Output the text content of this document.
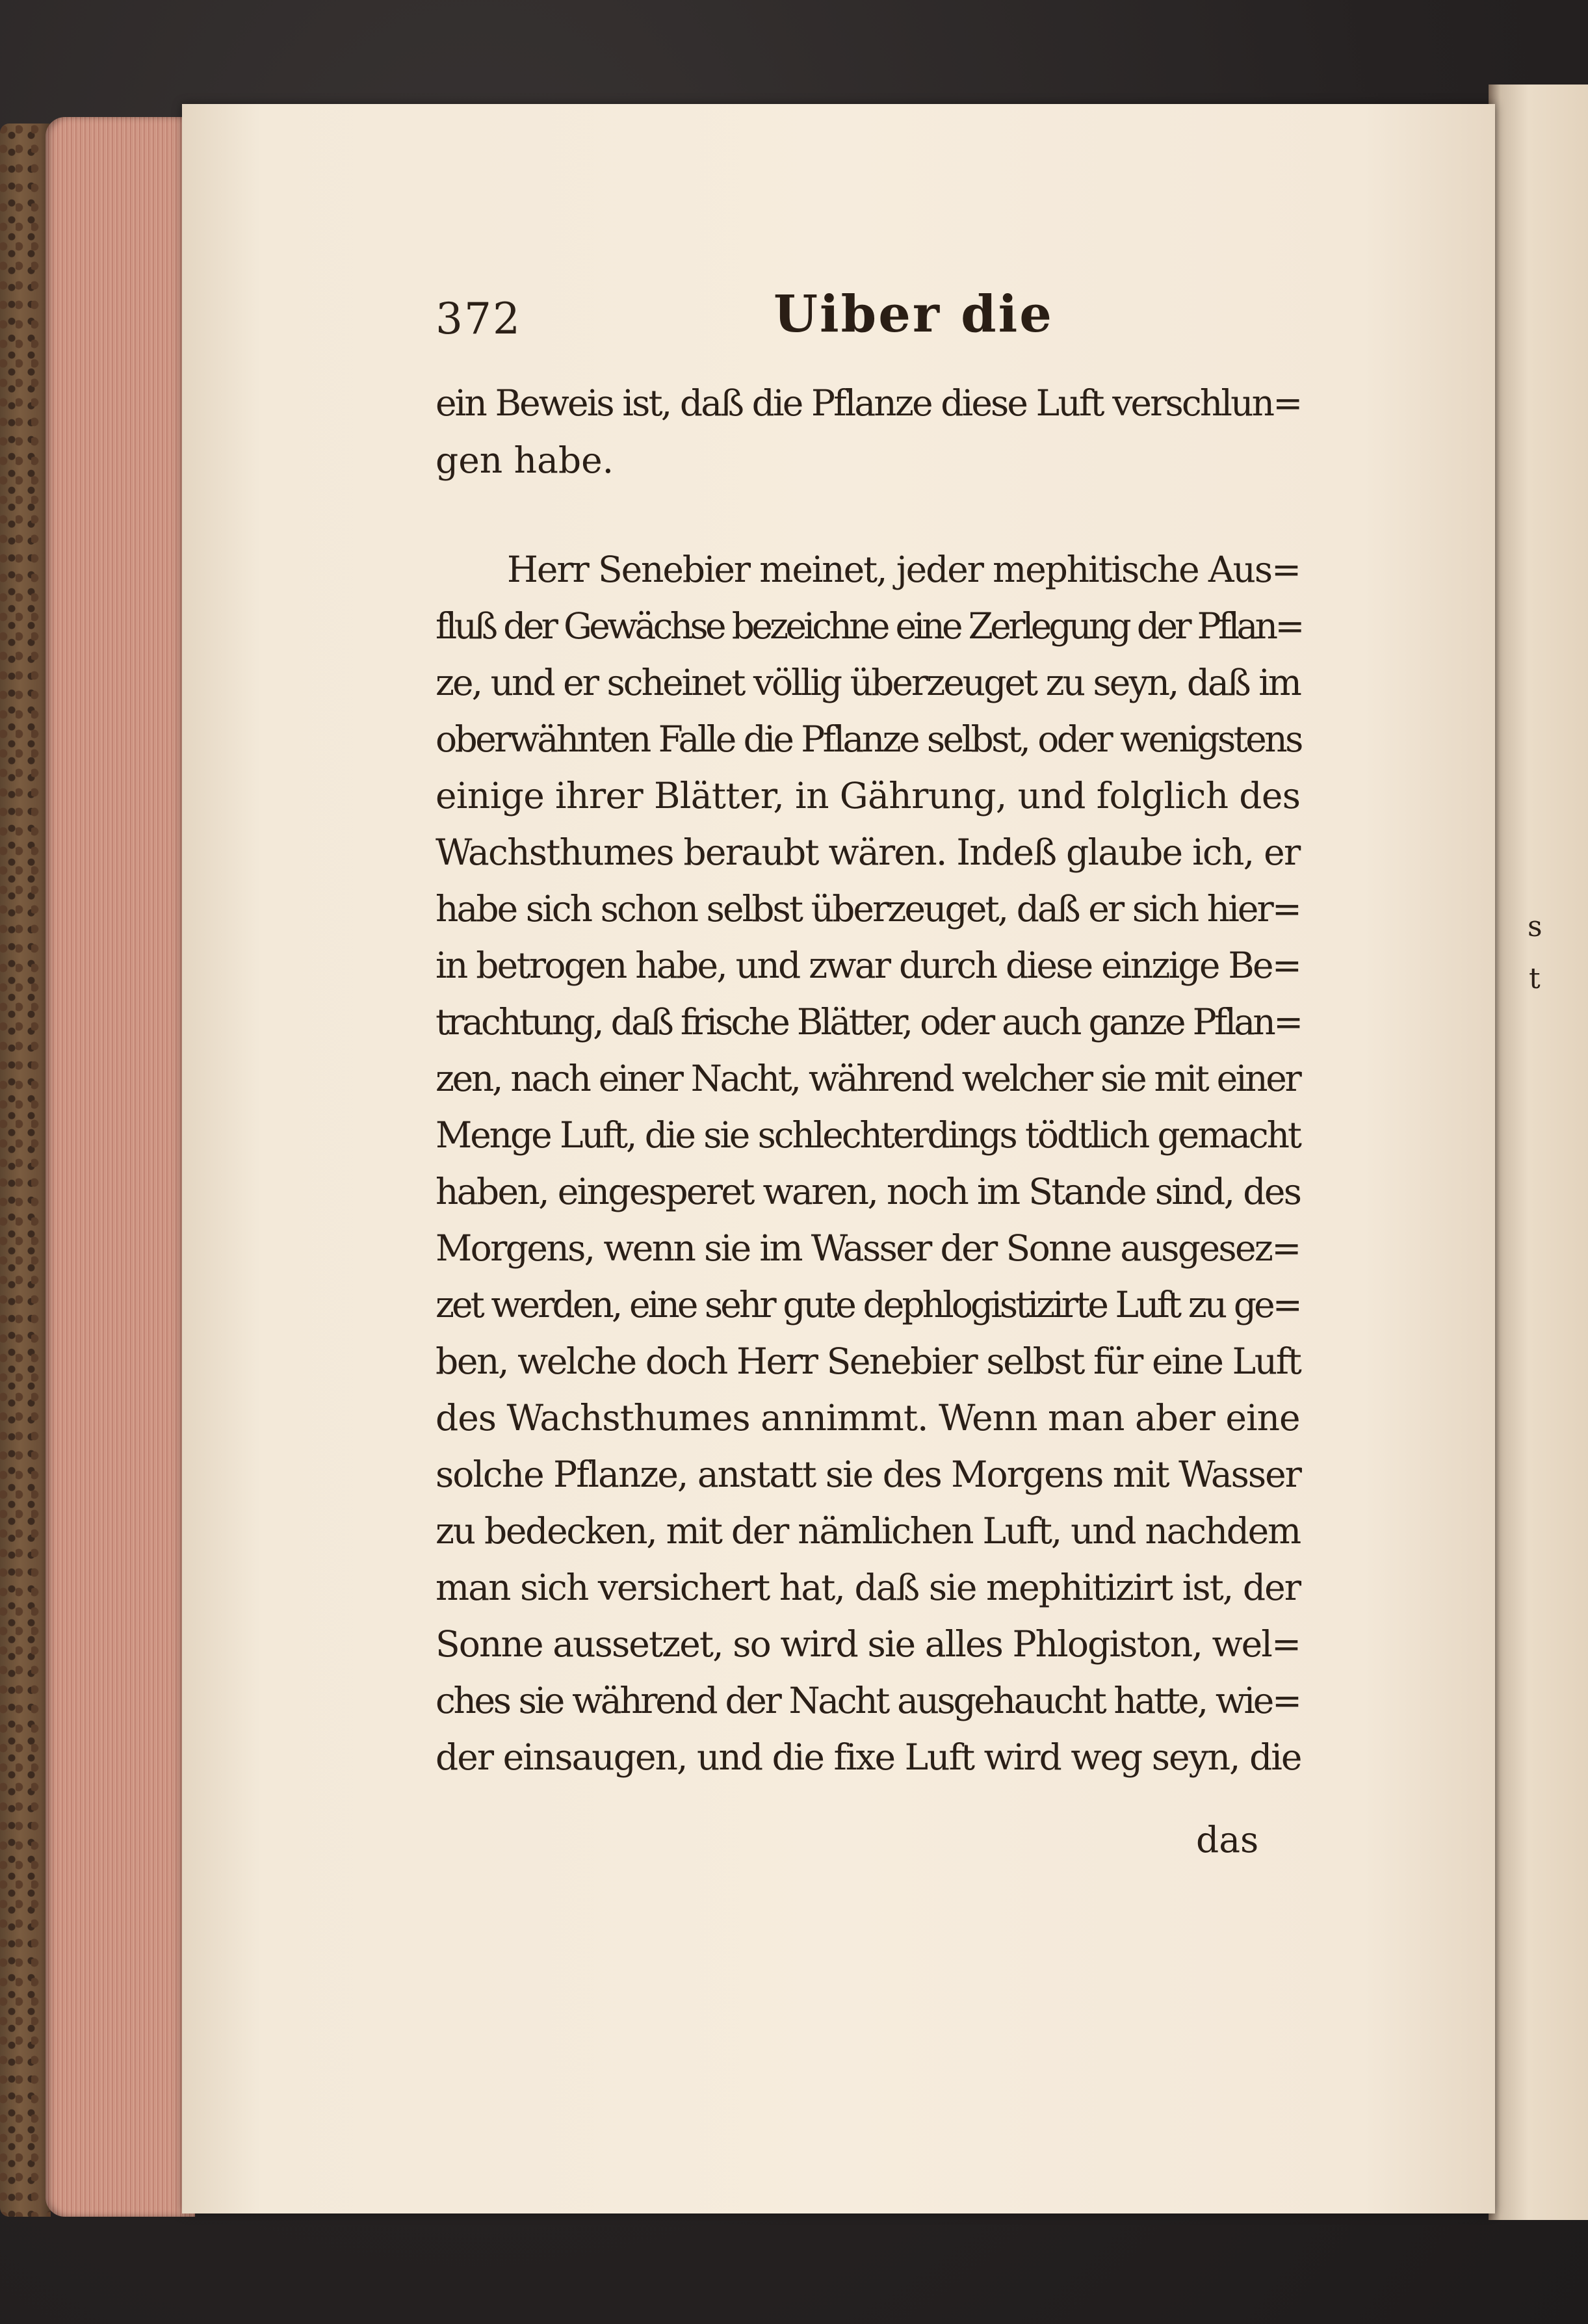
s
t
372	Uiber die
ein Beweis ist, daß die Pflanze diese Luft verschlun=
gen habe.
Herr Senebier meinet, jeder mephitische Aus=
fluß der Gewächse bezeichne eine Zerlegung der Pflan=
ze, und er scheinet völlig überzeuget zu seyn, daß im
oberwähnten Falle die Pflanze selbst, oder wenigstens
einige ihrer Blätter, in Gährung, und folglich des
Wachsthumes beraubt wären. Indeß glaube ich, er
habe sich schon selbst überzeuget, daß er sich hier=
in betrogen habe, und zwar durch diese einzige Be=
trachtung, daß frische Blätter, oder auch ganze Pflan=
zen, nach einer Nacht, während welcher sie mit einer
Menge Luft, die sie schlechterdings tödtlich gemacht
haben, eingesperet waren, noch im Stande sind, des
Morgens, wenn sie im Wasser der Sonne ausgesez=
zet werden, eine sehr gute dephlogistizirte Luft zu ge=
ben, welche doch Herr Senebier selbst für eine Luft
des Wachsthumes annimmt. Wenn man aber eine
solche Pflanze, anstatt sie des Morgens mit Wasser
zu bedecken, mit der nämlichen Luft, und nachdem
man sich versichert hat, daß sie mephitizirt ist, der
Sonne aussetzet, so wird sie alles Phlogiston, wel=
ches sie während der Nacht ausgehaucht hatte, wie=
der einsaugen, und die fixe Luft wird weg seyn, die
das
